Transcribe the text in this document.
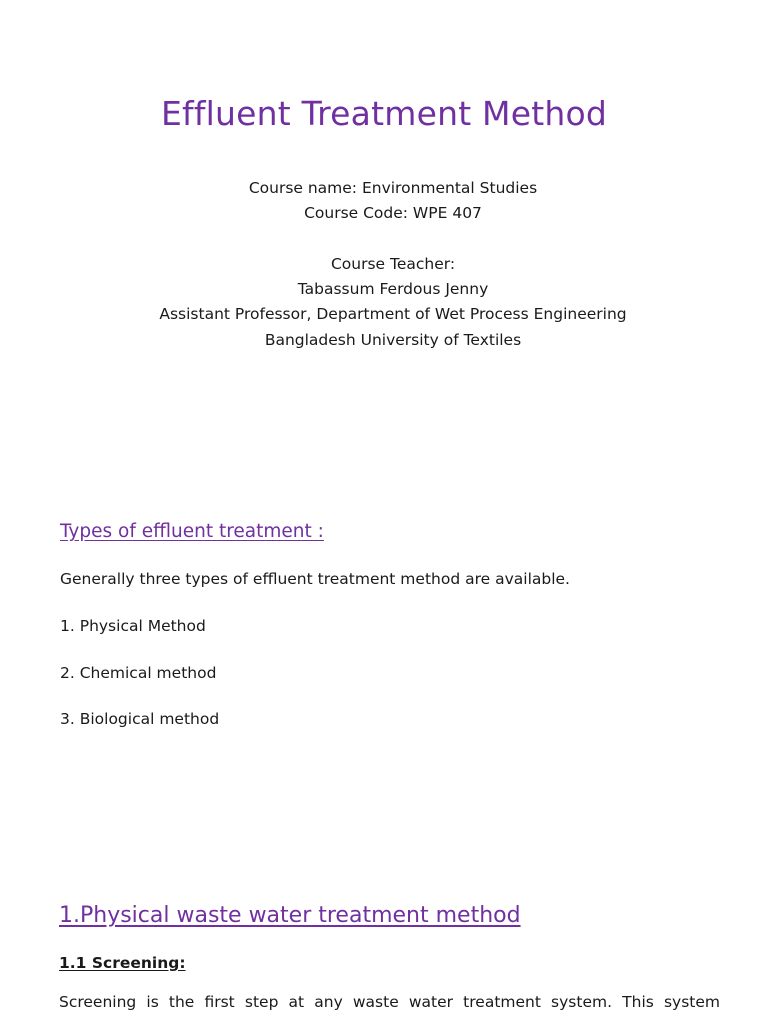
Effluent Treatment Method
Course name: Environmental Studies
Course Code: WPE 407
Course Teacher:
Tabassum Ferdous Jenny
Assistant Professor, Department of Wet Process Engineering
Bangladesh University of Textiles
Types of effluent treatment :

Generally three types of effluent treatment method are available.

1. Physical Method

2. Chemical method

3. Biological method

1.Physical waste water treatment method
1.1 Screening:

Screening is the first step at any waste water treatment system. This system
